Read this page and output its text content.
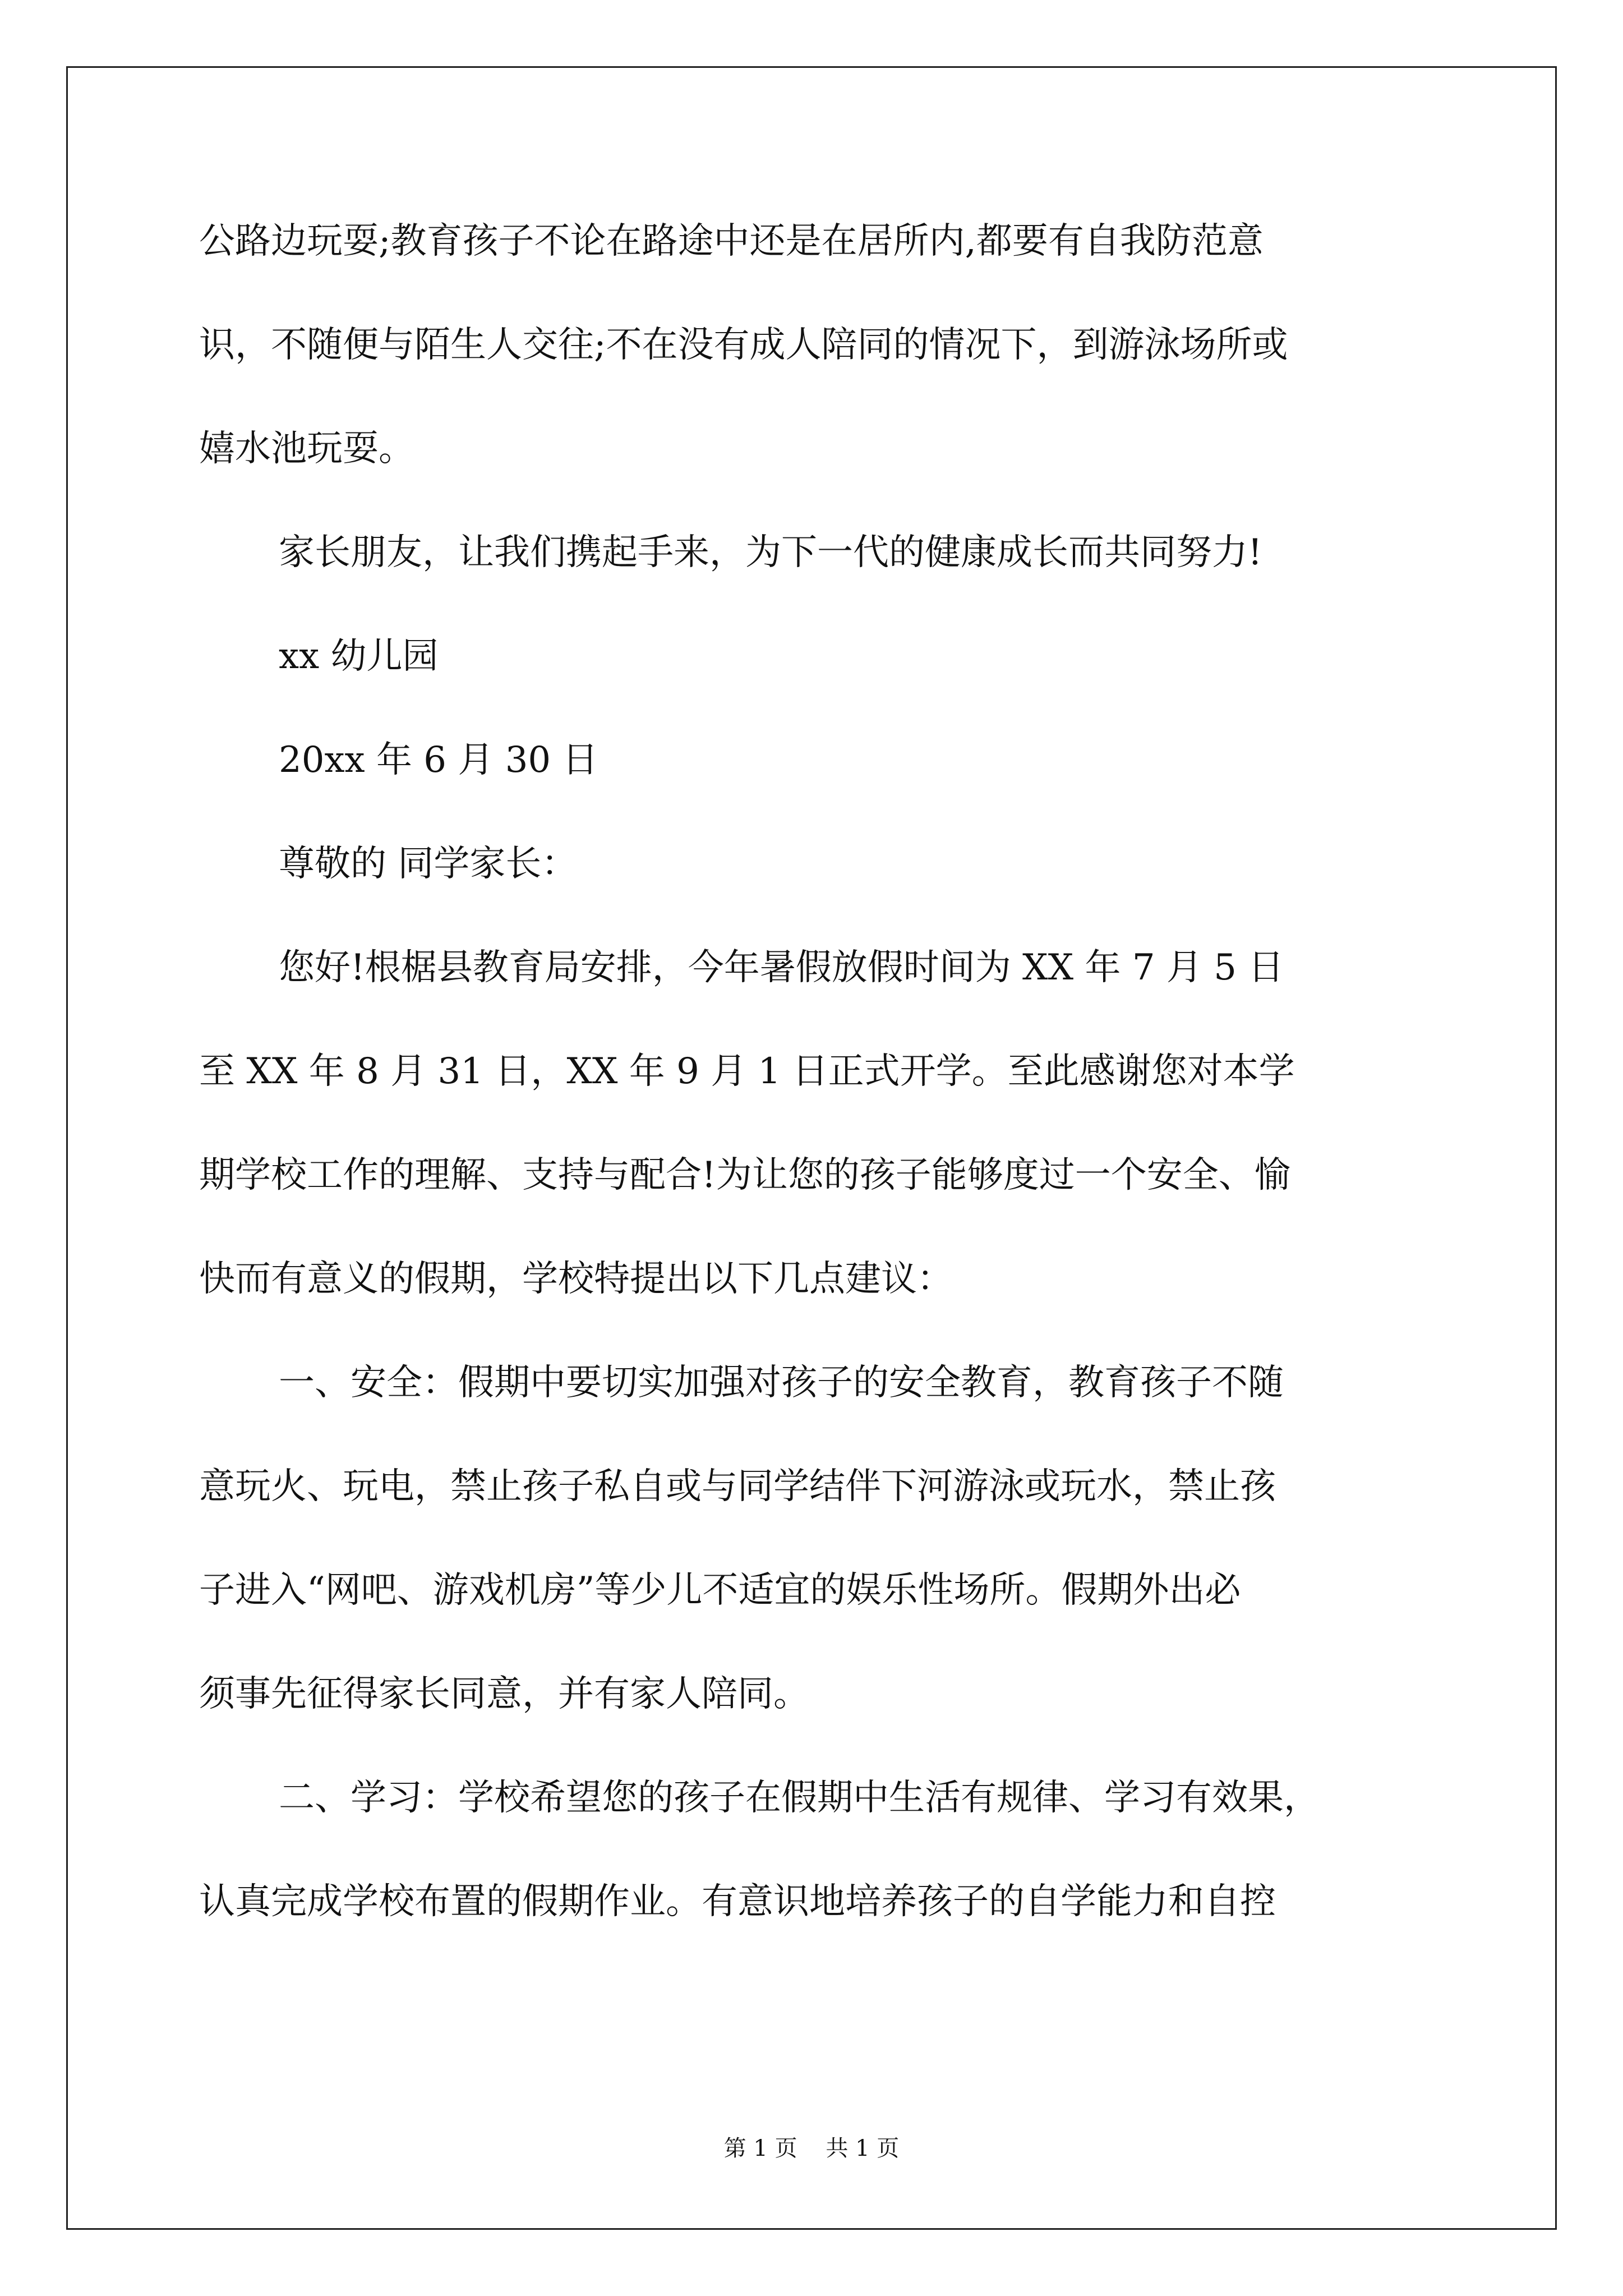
公路边玩耍;教育孩子不论在路途中还是在居所内,都要有自我防范意
识，不随便与陌生人交往;不在没有成人陪同的情况下，到游泳场所或
嬉水池玩耍。
家长朋友，让我们携起手来，为下一代的健康成长而共同努力!
xx 幼儿园
20xx 年 6 月 30 日
尊敬的 同学家长：
您好!根椐县教育局安排，今年暑假放假时间为 XX 年 7 月 5 日
至 XX 年 8 月 31 日，XX 年 9 月 1 日正式开学。至此感谢您对本学
期学校工作的理解、支持与配合!为让您的孩子能够度过一个安全、愉
快而有意义的假期，学校特提出以下几点建议：
一、安全：假期中要切实加强对孩子的安全教育，教育孩子不随
意玩火、玩电，禁止孩子私自或与同学结伴下河游泳或玩水，禁止孩
子进入“网吧、游戏机房”等少儿不适宜的娱乐性场所。假期外出必
须事先征得家长同意，并有家人陪同。
二、学习：学校希望您的孩子在假期中生活有规律、学习有效果，
认真完成学校布置的假期作业。有意识地培养孩子的自学能力和自控
第 1 页    共 1 页
